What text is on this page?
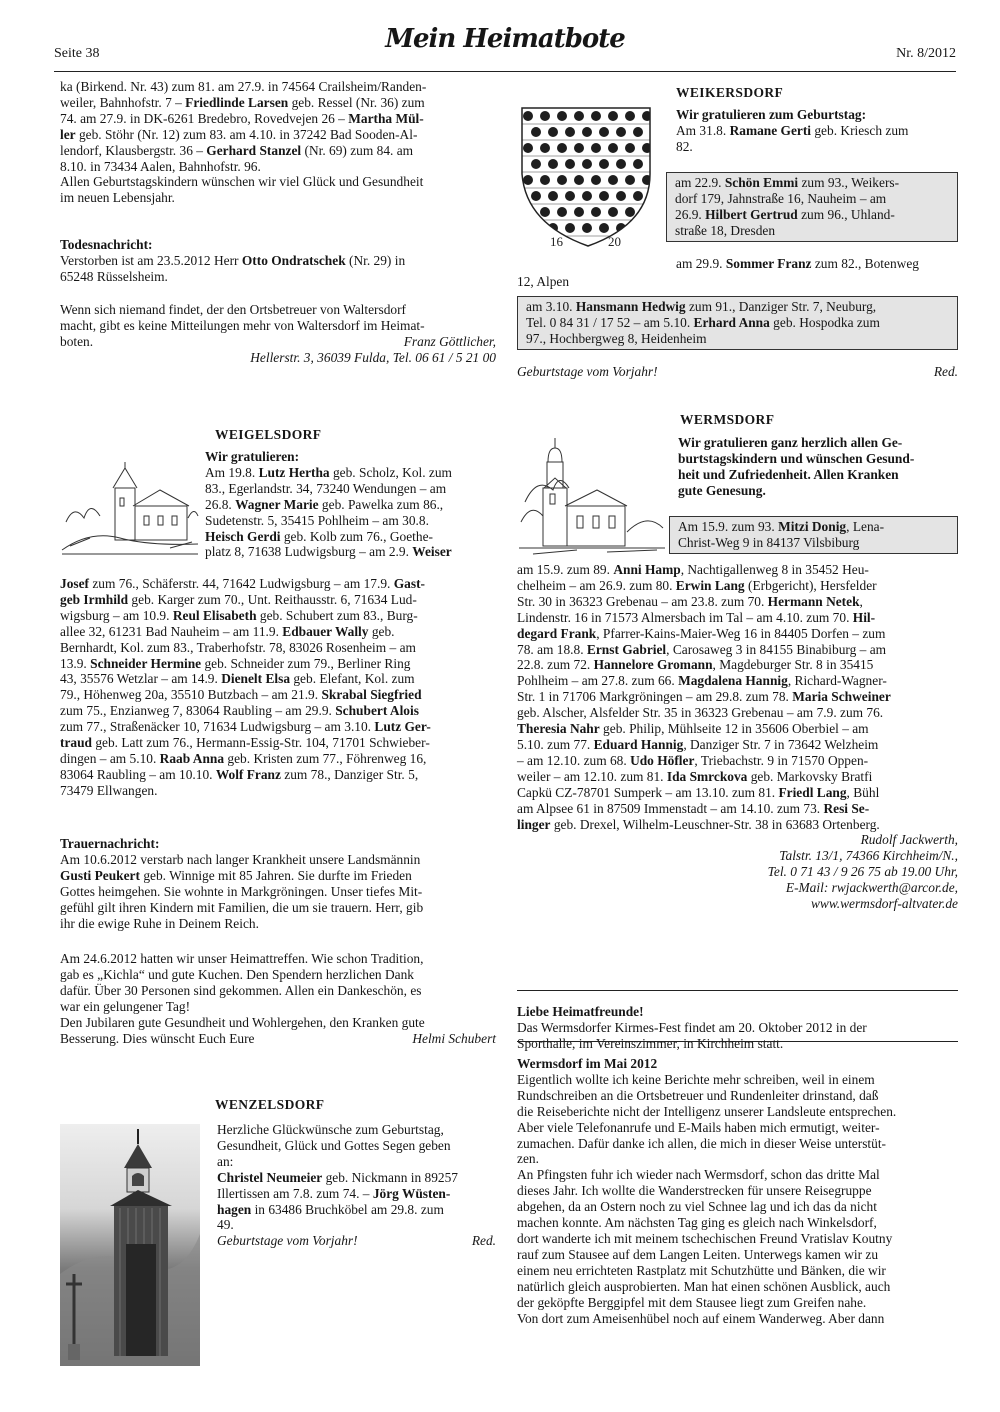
Seite 38	Mein Heimatbote	Nr. 8/2012

ka (Birkend. Nr. 43) zum 81. am 27.9. in 74564 Crailsheim/Randen-

weiler, Bahnhofstr. 7 – Friedlinde Larsen geb. Ressel (Nr. 36) zum

74. am 27.9. in DK-6261 Bredebro, Rovedvejen 26 – Martha Mül-

ler geb. Stöhr (Nr. 12) zum 83. am 4.10. in 37242 Bad Sooden-Al-

lendorf, Klausbergstr. 36 – Gerhard Stanzel (Nr. 69) zum 84. am

8.10. in 73434 Aalen, Bahnhofstr. 96.

Allen Geburtstagskindern wünschen wir viel Glück und Gesundheit

im neuen Lebensjahr.

Todesnachricht:

Verstorben ist am 23.5.2012 Herr Otto Ondratschek (Nr. 29) in

65248 Rüsselsheim.

Wenn sich niemand findet, der den Ortsbetreuer von Waltersdorf

macht, gibt es keine Mitteilungen mehr von Waltersdorf im Heimat-

boten.	Franz Göttlicher,

Hellerstr. 3, 36039 Fulda, Tel. 06 61 / 5 21 00

WEIGELSDORF

Wir gratulieren:

Am 19.8. Lutz Hertha geb. Scholz, Kol. zum

83., Egerlandstr. 34, 73240 Wendungen – am

26.8. Wagner Marie geb. Pawelka zum 86.,

Sudetenstr. 5, 35415 Pohlheim – am 30.8.

Heisch Gerdi geb. Kolb zum 76., Goethe-

platz 8, 71638 Ludwigsburg – am 2.9. Weiser

Josef zum 76., Schäferstr. 44, 71642 Ludwigsburg – am 17.9. Gast-

geb Irmhild geb. Karger zum 70., Unt. Reithausstr. 6, 71634 Lud-

wigsburg – am 10.9. Reul Elisabeth geb. Schubert zum 83., Burg-

allee 32, 61231 Bad Nauheim – am 11.9. Edbauer Wally geb.

Bernhardt, Kol. zum 83., Traberhofstr. 78, 83026 Rosenheim – am

13.9. Schneider Hermine geb. Schneider zum 79., Berliner Ring

43, 35576 Wetzlar – am 14.9. Dienelt Elsa geb. Elefant, Kol. zum

79., Höhenweg 20a, 35510 Butzbach – am 21.9. Skrabal Siegfried

zum 75., Enzianweg 7, 83064 Raubling – am 29.9. Schubert Alois

zum 77., Straßenäcker 10, 71634 Ludwigsburg – am 3.10. Lutz Ger-

traud geb. Latt zum 76., Hermann-Essig-Str. 104, 71701 Schwieber-

dingen – am 5.10. Raab Anna geb. Kristen zum 77., Föhrenweg 16,

83064 Raubling – am 10.10. Wolf Franz zum 78., Danziger Str. 5,

73479 Ellwangen.

Trauernachricht:

Am 10.6.2012 verstarb nach langer Krankheit unsere Landsmännin

Gusti Peukert geb. Winnige mit 85 Jahren. Sie durfte im Frieden

Gottes heimgehen. Sie wohnte in Markgröningen. Unser tiefes Mit-

gefühl gilt ihren Kindern mit Familien, die um sie trauern. Herr, gib

ihr die ewige Ruhe in Deinem Reich.

Am 24.6.2012 hatten wir unser Heimattreffen. Wie schon Tradition,

gab es „Kichla“ und gute Kuchen. Den Spendern herzlichen Dank

dafür. Über 30 Personen sind gekommen. Allen ein Dankeschön, es

war ein gelungener Tag!

Den Jubilaren gute Gesundheit und Wohlergehen, den Kranken gute

Besserung. Dies wünscht Euch Eure	Helmi Schubert
WENZELSDORF

Herzliche Glückwünsche zum Geburtstag,

Gesundheit, Glück und Gottes Segen geben

an:

Christel Neumeier geb. Nickmann in 89257

Illertissen am 7.8. zum 74. – Jörg Wüsten-

hagen in 63486 Bruchköbel am 29.8. zum

49.

Geburtstage vom Vorjahr!	Red.
16	20
WEIKERSDORF

Wir gratulieren zum Geburtstag:

Am 31.8. Ramane Gerti geb. Kriesch zum

82.

am 22.9. Schön Emmi zum 93., Weikers-

dorf 179, Jahnstraße 16, Nauheim – am

26.9. Hilbert Gertrud zum 96., Uhland-

straße 18, Dresden

am 29.9. Sommer Franz zum 82., Botenweg

12, Alpen

am 3.10. Hansmann Hedwig zum 91., Danziger Str. 7, Neuburg,

Tel. 0 84 31 / 17 52 – am 5.10. Erhard Anna geb. Hospodka zum

97., Hochbergweg 8, Heidenheim

Geburtstage vom Vorjahr!	Red.
WERMSDORF

Wir gratulieren ganz herzlich allen Ge-

burtstagskindern und wünschen Gesund-

heit und Zufriedenheit. Allen Kranken

gute Genesung.

Am 15.9. zum 93. Mitzi Donig, Lena-

Christ-Weg 9 in 84137 Vilsbiburg

am 15.9. zum 89. Anni Hamp, Nachtigallenweg 8 in 35452 Heu-

chelheim – am 26.9. zum 80. Erwin Lang (Erbgericht), Hersfelder

Str. 30 in 36323 Grebenau – am 23.8. zum 70. Hermann Netek,

Lindenstr. 16 in 71573 Almersbach im Tal – am 4.10. zum 70. Hil-

degard Frank, Pfarrer-Kains-Maier-Weg 16 in 84405 Dorfen – zum

78. am 18.8. Ernst Gabriel, Carosaweg 3 in 84155 Binabiburg – am

22.8. zum 72. Hannelore Gromann, Magdeburger Str. 8 in 35415

Pohlheim – am 27.8. zum 66. Magdalena Hannig, Richard-Wagner-

Str. 1 in 71706 Markgröningen – am 29.8. zum 78. Maria Schweiner

geb. Alscher, Alsfelder Str. 35 in 36323 Grebenau – am 7.9. zum 76.

Theresia Nahr geb. Philip, Mühlseite 12 in 35606 Oberbiel – am

5.10. zum 77. Eduard Hannig, Danziger Str. 7 in 73642 Welzheim

– am 12.10. zum 68. Udo Höfler, Triebachstr. 9 in 71570 Oppen-

weiler – am 12.10. zum 81. Ida Smrckova geb. Markovsky Bratfi

Capkü CZ-78701 Sumperk – am 13.10. zum 81. Friedl Lang, Bühl

am Alpsee 61 in 87509 Immenstadt – am 14.10. zum 73. Resi Se-

linger geb. Drexel, Wilhelm-Leuschner-Str. 38 in 63683 Ortenberg.

Rudolf Jackwerth,

Talstr. 13/1, 74366 Kirchheim/N.,

Tel. 0 71 43 / 9 26 75 ab 19.00 Uhr,

E-Mail: rwjackwerth@arcor.de,

www.wermsdorf-altvater.de

Liebe Heimatfreunde!

Das Wermsdorfer Kirmes-Fest findet am 20. Oktober 2012 in der

Sporthalle, im Vereinszimmer, in Kirchheim statt.

Wermsdorf im Mai 2012

Eigentlich wollte ich keine Berichte mehr schreiben, weil in einem

Rundschreiben an die Ortsbetreuer und Rundenleiter drinstand, daß

die Reiseberichte nicht der Intelligenz unserer Landsleute entsprechen.

Aber viele Telefonanrufe und E-Mails haben mich ermutigt, weiter-

zumachen. Dafür danke ich allen, die mich in dieser Weise unterstüt-

zen.

An Pfingsten fuhr ich wieder nach Wermsdorf, schon das dritte Mal

dieses Jahr. Ich wollte die Wanderstrecken für unsere Reisegruppe

abgehen, da an Ostern noch zu viel Schnee lag und ich das da nicht

machen konnte. Am nächsten Tag ging es gleich nach Winkelsdorf,

dort wanderte ich mit meinem tschechischen Freund Vratislav Koutny

rauf zum Stausee auf dem Langen Leiten. Unterwegs kamen wir zu

einem neu errichteten Rastplatz mit Schutzhütte und Bänken, die wir

natürlich gleich ausprobierten. Man hat einen schönen Ausblick, auch

der geköpfte Berggipfel mit dem Stausee liegt zum Greifen nahe.

Von dort zum Ameisenhübel noch auf einem Wanderweg. Aber dann
